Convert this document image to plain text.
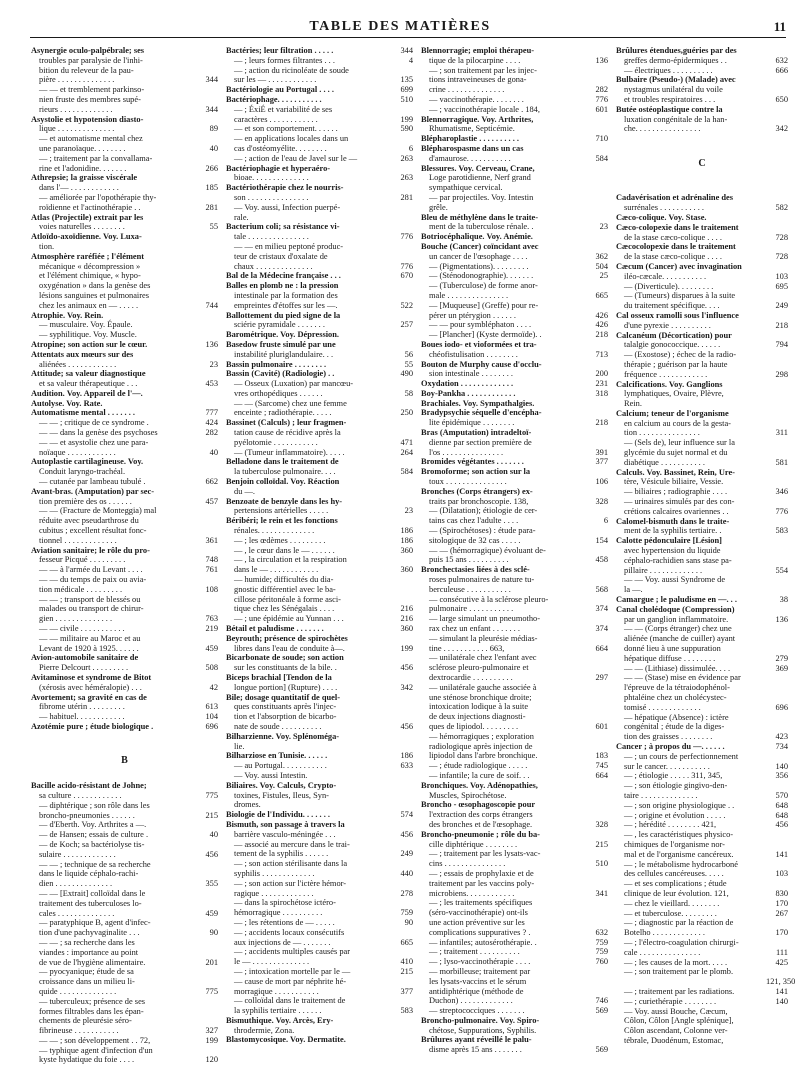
TABLE DES MATIÈRES	11
Asynergie oculo-palpébrale; ses
troubles par paralysie de l'inhi-
bition du releveur de la pau-
pière . . . . . . . . . . . . . .	344
— — et tremblement parkinso-
nien fruste des membres supé-
rieurs . . . . . . . . . . . . .	344
Asystolie et hypotension diasto-
lique . . . . . . . . . . . . . .	89
— et automatisme mental chez
une paranoïaque. . . . . . . .	40
— ; traitement par la convallama-
rine et l'adonidine. . . . . . .	266
Athrepsie; la graisse viscérale
dans l'— . . . . . . . . . . . .	185
— améliorée par l'opothérapie thy-
roïdienne et l'actinothérapie . .	281
Atlas (Projectile) extrait par les
voies naturelles . . . . . . . .	55
Atloïdo-axoïdienne. Voy. Luxa-
tion.
Atmosphère raréfiée ; l'élément
mécanique « décompression »
et l'élément chimique, « hypo-
oxygénation » dans la genèse des
lésions sanguines et pulmonaires
chez les animaux en — . . . . .	744
Atrophie. Voy. Rein.
— musculaire. Voy. Épaule.
— syphilitique. Voy. Muscle.
Atropine; son action sur le cœur.	136
Attentats aux mœurs sur des
aliénées . . . . . . . . . . . .	23
Attitude; sa valeur diagnostique
et sa valeur thérapeutique . . .	453
Audition. Voy. Appareil de l'—.
Autolyse. Voy. Rate.
Automatisme mental . . . . . . .	777
— — ; critique de ce syndrome .	424
— — dans la genèse des psychoses	282
— — et asystolie chez une para-
noïaque . . . . . . . . . . . .	40
Autoplastie cartilagineuse. Voy.
Conduit laryngo-trachéal.
— cutanée par lambeau tubulé .	662
Avant-bras. (Amputation) par sec-
tion première des os . . . . . .	457
— — (Fracture de Monteggia) mal
réduite avec pseudarthrose du
cubitus ; excellent résultat fonc-
tionnel . . . . . . . . . . . . .	361
Aviation sanitaire; le rôle du pro-
fesseur Picqué . . . . . . . . .	748
— — à l'armée du Levant . . . .	761
— — du temps de paix ou avia-
tion médicale . . . . . . . . .	108
— — ; transport de blessés ou
malades ou transport de chirur-
gien . . . . . . . . . . . . . .	763
— — civile . . . . . . . . . . .	219
— — militaire au Maroc et au
Levant de 1920 à 1925. . . . . .	459
Avion-automobile sanitaire de
Pierre Delcourt . . . . . . . . .	508
Avitaminose et syndrome de Bitot
(xérosis avec héméralopie) . . .	42
Avortement; sa gravité en cas de
fibrome utérin . . . . . . . . .	613
— habituel. . . . . . . . . . . .	104
Azotémie pure ; étude biologique .	696
B
Bacille acido-résistant de Johne;
sa culture . . . . . . . . . . . .	775
— diphtérique ; son rôle dans les
broncho-pneumonies . . . . . .	215
— d'Eberth. Voy. Arthrites a —.
— de Hansen; essais de culture .	40
— de Koch; sa bactériolyse tis-
sulaire . . . . . . . . . . . . .	456
— — ; technique de sa recherche
dans le liquide céphalo-rachi-
dien . . . . . . . . . . . . . .	355
— — [Extrait] colloïdal dans le
traitement des tuberculoses lo-
cales . . . . . . . . . . . . . .	459
— paratyphique B, agent d'infec-
tion d'une pachyvaginalite . . .	90
— — ; sa recherche dans les
viandes : importance au point
de vue de l'hygiène alimentaire.	201
— pyocyanique; étude de sa
croissance dans un milieu li-
quide . . . . . . . . . . . . . .	775
— tuberculeux; présence de ses
formes filtrables dans les épan-
chements de pleurésie séro-
fibrineuse . . . . . . . . . . .	327
— — ; son développement . . 72,	199
— typhique agent d'infection d'un
kyste hydatique du foie . . . .	120
Bactéries; leur filtration . . . . .	344
— ; leurs formes filtrantes . . .	4
— ; action du ricinoléate de soude
sur les — . . . . . . . . . . . .	135
Bactériologie au Portugal . . . .	699
Bactériophage. . . . . . . . . . .	510
— ; ÉxiÉ et variabilité de ses
caractères . . . . . . . . . . . .	199
— et son comportement. . . . . .	590
— en applications locales dans un
cas d'ostéomyélite. . . . . . . .	6
— ; action de l'eau de Javel sur le —	263
Bactériophagie et hyperaéro-
bioae. . . . . . . . . . . . . .	263
Bactériothérapie chez le nourris-
son . . . . . . . . . . . . . . .	281
— Voy. aussi, Infection puerpé-
rale.
Bacterium coli; sa résistance vi-
tale . . . . . . . . . . . . . . .	776
— — en milieu peptoné produc-
teur de cristaux d'oxalate de
chaux . . . . . . . . . . . . . .	776
Bal de la Médecine française . . .	670
Balles en plomb ne : la pression
intestinale par la formation des
empreintes d'étoffes sur les —.	522
Ballottement du pied signe de la
sciérie pyramidale . . . . . . .	257
Barométrique. Voy. Dépression.
Basedow fruste simulé par une
instabilité pluriglandulaire. . .	56
Bassin pulmonaire . . . . . . . .	55
Bassin (Cavité) (Radiologie) . .	490
— Osseux (Luxation) par mancœu-
vres orthopédiques . . . . . .	58
— — (Sarcome) chez une femme
enceinte ; radiothérapie. . . . .	250
Bassinet (Calculs) ; leur fragmen-
tation cause de récidive après la
pyélotomie . . . . . . . . . . .	471
— (Tumeur inflammatoire). . . . .	264
Belladone dans le traitement de
la tuberculose pulmonaire. . . .	584
Benjoin colloïdal. Voy. Réaction
du —.
Benzoate de benzyle dans les hy-
pertensions artérielles . . . . .	23
Béribéri; le rein et les fonctions
rénales. . . . . . . . . . . . . .	186
— ; les œdèmes . . . . . . . . .	186
— , le cœur dans le — . . . . . .	360
— , la circulation et la respiration
dans le — . . . . . . . . . . . .	360
— humide; difficultés du dia-
gnostic différentiel avec le ba-
cillose péritonéale à forme asci-
tique chez les Sénégalais . . . .	216
— ; une épidémie au Yunnan . . .	216
Bétail et paludisme . . . . . . .	360
Beyrouth; présence de spirochètes
libres dans l'eau de conduite à—.	199
Bicarbonate de soude; son action
sur les constituants de la bile. .	456
Biceps brachial [Tendon de la
longue portion] (Rupture) . . . .	342
Bile; dosage quantitatif de quel-
ques constituants après l'injec-
tion et l'absorption de bicarbo-
nate de soude . . . . . . . . . .	456
Bilharzienne. Voy. Splénoméga-
lie.
Bilharziose en Tunisie. . . . . .	186
— au Portugal. . . . . . . . . . .	633
— Voy. aussi Intestin.
Biliaires. Voy. Calculs, Crypto-
toxines, Fistules, Ileus, Syn-
dromes.
Biologie de l'Individu. . . . . . .	574
Bismuth, son passage à travers la
barrière vasculo-méningée . . .	456
— associé au mercure dans le trai-
tement de la syphilis . . . . . .	249
— ; son action stérilisante dans la
syphilis . . . . . . . . . . . . .	440
— ; son action sur l'ictère hémor-
ragique . . . . . . . . . . . . .	278
— dans la spirochétose ictéro-
hémorragique . . . . . . . . . .	759
— ; les rétentions de — . . . . .	90
— ; accidents locaux consécutifs
aux injections de — . . . . . . .	665
— ; accidents multiples causés par
le — . . . . . . . . . . . . . .	410
— ; intoxication mortelle par le —	215
— cause de mort par néphrite hé-
morragique . . . . . . . . . . .	377
— colloïdal dans le traitement de
la syphilis tertiaire . . . . . .	583
Bismuthique. Voy. Arcès, Ery-
throdermie, Zona.
Blastomycosique. Voy. Dermatite.
Blennorragie; emploi thérapeu-
tique de la pilocarpine . . . .	136
— ; son traitement par les injec-
tions intraveineuses de gona-
crine . . . . . . . . . . . . . .	282
— vaccinothérapie. . . . . . . .	776
— ; vaccinothérapie locale . 184,	601
Blennorragique. Voy. Arthrites,
Rhumatisme, Septicémie.
Blépharoplastie . . . . . . . . . .	710
Blépharospasme dans un cas
d'amaurose. . . . . . . . . . .	584
Blessures. Voy. Cerveau, Crane,
Loge parotidienne, Nerf grand
sympathique cervical.
— par projectiles. Voy. Intestin
grêle.
Bleu de méthylène dans le traite-
ment de la tuberculose rénale. .	23
Botriocéphalique. Voy. Anémie.
Bouche (Cancer) coïncidant avec
un cancer de l'œsophage . . . .	362
— (Pigmentations). . . . . . . . .	504
— (Sténodonographie). . . . . . .	25
— (Tuberculose) de forme anor-
male . . . . . . . . . . . . . . .	665
— [Muqueuse] (Greffe) pour re-
pérer un ptérygion . . . . . .	426
— — pour symbléphaton . . . .	426
— [Plancher] (Kyste dermoïde). .	218
Boues iodo- et vioformées et tra-
chéofistulisation . . . . . . . .	713
Bouton de Murphy cause d'occlu-
sion intestinale . . . . . . . .	200
Oxydation . . . . . . . . . . . . .	231
Boy-Pankha . . . . . . . . . . . .	318
Brachiales. Voy. Sympathalgies.
Bradypsychie séquelle d'encépha-
lite épidémique . . . . . . . .	218
Bras (Amputation) intradeltoï-
dienne par section première de
l'os . . . . . . . . . . . . . . .	391
Bromides végétantes . . . . . . .	377
Bromoforme; son action sur la
toux . . . . . . . . . . . . . . .	106
Bronches (Corps étrangers) ex-
traits par bronchoscopie. 138,	328
— (Dilatation); étiologie de cer-
tains cas chez l'adulte . . . .	6
— (Spirochétoses) : étude para-
sitologique de 32 cas . . . . .	154
— — (hémorragique) évoluant de-
puis 15 ans . . . . . . . . . .	458
Bronchectasies liées à des sclé-
roses pulmonaires de nature tu-
berculeuse . . . . . . . . . . .	568
— consécutive à la sclérose pleuro-
pulmonaire . . . . . . . . . . .	374
— large simulant un pneumotho-
rax chez un enfant . . . . . . .	374
— simulant la pleurésie médias-
tine . . . . . . . . . . . 663,	664
— unilatérale chez l'enfant avec
sclérose pleuro-pulmonaire et
dextrocardie . . . . . . . . . .	297
— unilatérale gauche associée à
une sténose bronchique droite;
intoxication lodique à la suite
de deux injections diagnosti-
ques de lipiodol. . . . . . . . .	601
— hémorragiques ; exploration
radiologique après injection de
lipiodol dans l'arbre bronchique.	183
— ; étude radiologique . . . . .	745
— infantile; la cure de soif. . .	664
Bronchiques. Voy. Adénopathies,
Muscles, Spirochétose.
Broncho - œsophagoscopie pour
l'extraction des corps étrangers
des bronches et de l'œsophage.	328
Broncho-pneumonie ; rôle du ba-
cille diphtérique . . . . . . . .	215
— ; traitement par les lysats-vac-
cins . . . . . . . . . . . . . . .	510
— ; essais de prophylaxie et de
traitement par les vaccins poly-
microbiens. . . . . . . . . . . .	341
— ; les traitements spécifiques
(séro-vaccinothérapie) ont-ils
une action préventive sur les
complications suppuratives ? .	632
— infantiles; autosérothérapie. .	759
— ; traitement . . . . . . . . . .	759
— ; lyso-vaccinothérapie . . . .	760
— morbilleuse; traitement par
les lysats-vaccins et le sérum
antidiphtérique (méthode de
Duchon) . . . . . . . . . . . . .	746
— streptococciques . . . . . . .	569
Broncho-pulmonaire. Voy. Spiro-
chétose, Suppurations, Syphilis.
Brûlures ayant réveillé le palu-
disme après 15 ans . . . . . . .	569
Brûlures étendues,guéries par des
greffes dermo-épidermiques . .	632
— électriques . . . . . . . . . .	666
Bulbaire (Pseudo-) (Malade) avec
nystagmus unilatéral du voile
et troubles respiratoires . . .	650
Butée ostéoplastique contre la
luxation congénitale de la han-
che. . . . . . . . . . . . . . . .	342
C
Cadavérisation et adrénaline des
surrénales . . . . . . . . . . .	582
Cæco-colique. Voy. Stase.
Cæco-colopexie dans le traitement
de la stase cæco-colique . . . .	728
Cæcocolopexie dans le traitement
de la stase cæco-colique . . . .	728
Cæcum (Cancer) avec invagination
iléo-cæcale. . . . . . . . . . .	103
— (Diverticule). . . . . . . . .	695
— (Tumeurs) disparues à la suite
du traitement spécifique. . . .	249
Cal osseux ramolli sous l'influence
d'une pyrexie . . . . . . . . . .	218
Calcanéum (Décortication) pour
talalgie gonococcique. . . . . .	794
— (Exostose) ; échec de la radio-
thérapie ; guérison par la haute
fréquence . . . . . . . . . . . .	298
Calcifications. Voy. Ganglions
lymphatiques, Ovaire, Plèvre,
Rein.
Calcium; teneur de l'organisme
en calcium au cours de la gesta-
tion . . . . . . . . . . . . . . .	311
— (Sels de), leur influence sur la
glycémie du sujet normal et du
diabétique . . . . . . . . . . .	581
Calculs. Voy. Bassinet, Rein, Ure-
tère, Vésicule biliaire, Vessie.
— biliaires ; radiographie . . . .	346
— urinaires simulés par des con-
crétions calcaires ovariennes . .	776
Calomel-bismuth dans le traite-
ment de la syphilis tertiaire. .	583
Calotte pédonculaire [Lésion]
avec hypertension du liquide
céphalo-rachidien sans stase pa-
pillaire . . . . . . . . . . . . .	554
— — Voy. aussi Syndrome de
la —.
Camargue ; le paludisme en —. . .	38
Canal cholédoque (Compression)
par un ganglion inflammatoire.	136
— — (Corps étranger) chez une
aliénée (manche de cuiller) ayant
donné lieu à une suppuration
hépatique diffuse . . . . . . . .	279
— — (Lithiase) dissimulée. . . .	369
— — (Stase) mise en évidence par
l'épreuve de la tétraiodophénol-
phtaléine chez un cholécystec-
tomisé . . . . . . . . . . . . .	696
— hépatique (Absence) : ictère
congénital ; étude de la diges-
tion des graisses . . . . . . . .	423
Cancer ; à propos du —. . . . . .	734
— ; un cours de perfectionnement
sur le cancer. . . . . . . . . . .	140
— ; étiologie . . . . . 311, 345,	356
— ; son étiologie gingivo-den-
taire . . . . . . . . . . . . . .	570
— ; son origine physiologique . .	648
— ; origine et évolution . . . . .	648
— ; hérédité . . . . . . . . 421,	456
— , les caractéristiques physico-
chimiques de l'organisme nor-
mal et de l'organisme cancéreux.	141
— ; le métabolisme hydrocarboné
des cellules cancéreuses. . . . .	103
— et ses complications ; étude
clinique de leur évolution. 121,	830
— chez le vieillard. . . . . . . .	170
— et tuberculose. . . . . . . . .	267
— ; diagnostic par la réaction de
Botelho . . . . . . . . . . . . .	170
— ; l'électro-coagulation chirurgi-
cale . . . . . . . . . . . . . . .	111
— ; les causes de la mort. . . . .	425
— ; son traitement par le plomb.
121, 350
— ; traitement par les radiations.	141
— ; curiethérapie . . . . . . . .	140
— Voy. aussi Bouche, Cæcum,
Côlon, Côlon [Angle splénique],
Côlon ascendant, Colonne ver-
tébrale, Duodénum, Estomac,
